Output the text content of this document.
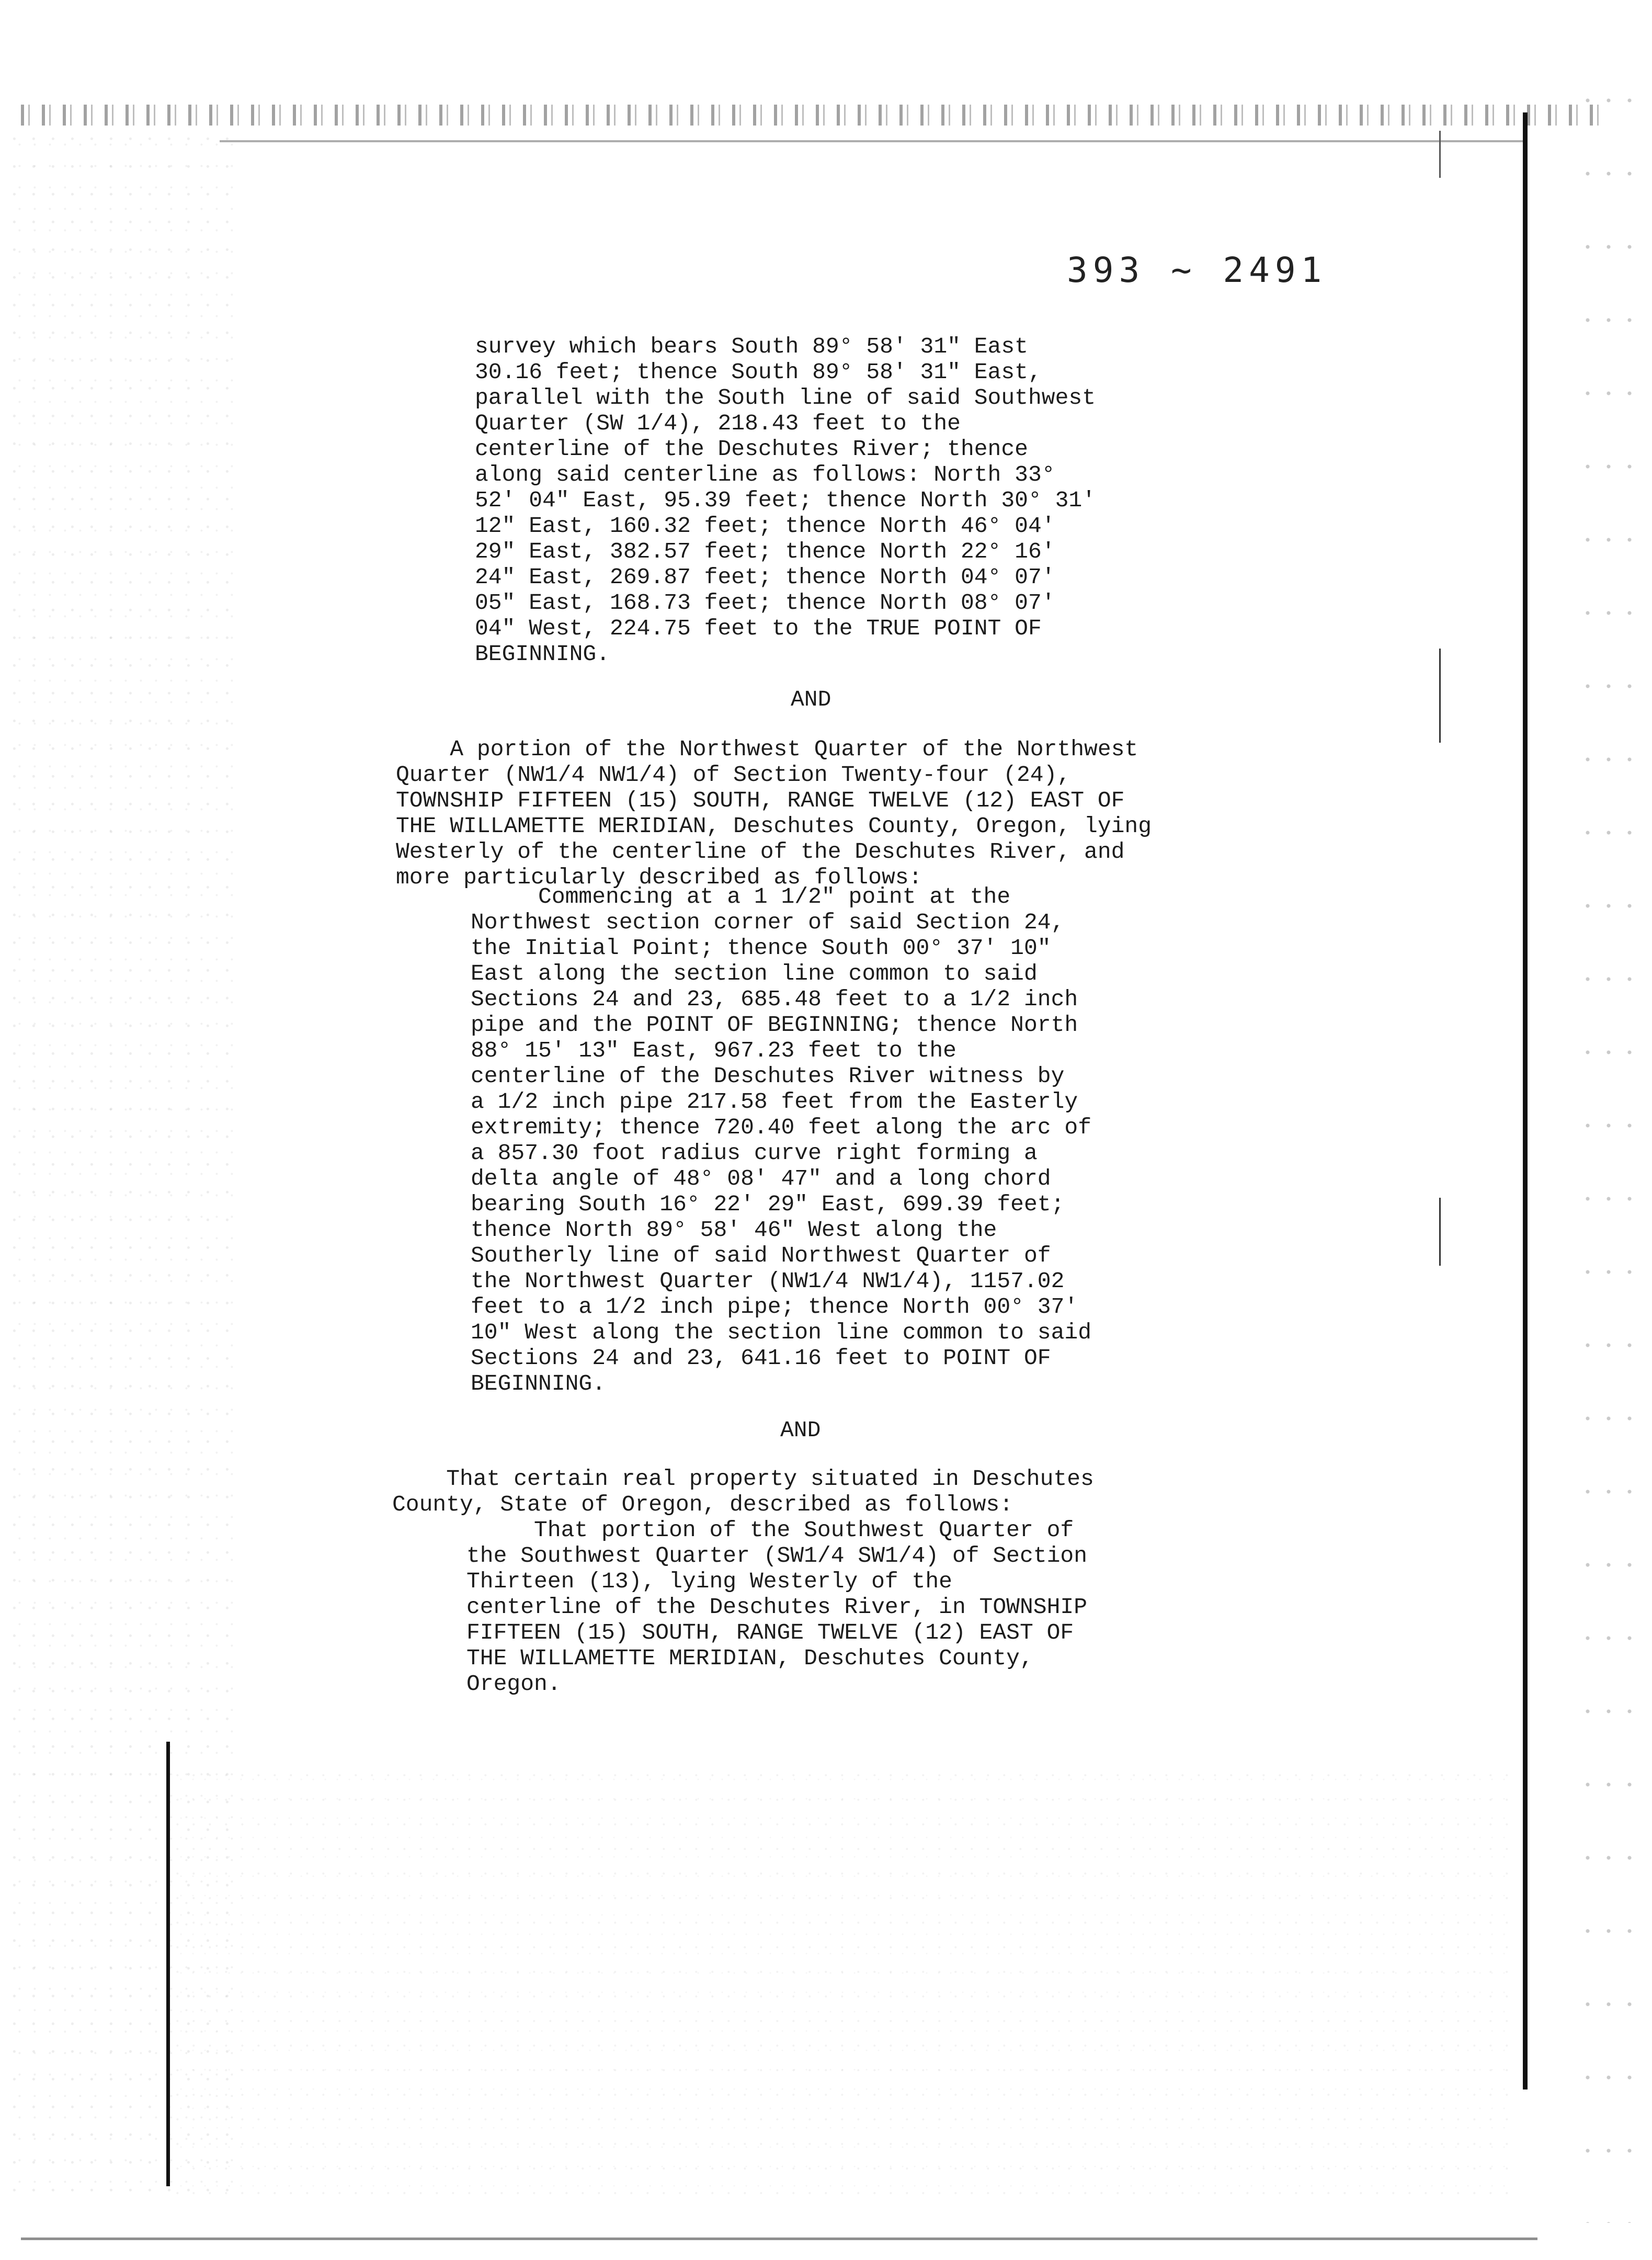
393 ~ 2491
survey which bears South 89° 58' 31" East
30.16 feet; thence South 89° 58' 31" East,
parallel with the South line of said Southwest
Quarter (SW 1/4), 218.43 feet to the
centerline of the Deschutes River; thence
along said centerline as follows: North 33°
52' 04" East, 95.39 feet; thence North 30° 31'
12" East, 160.32 feet; thence North 46° 04'
29" East, 382.57 feet; thence North 22° 16'
24" East, 269.87 feet; thence North 04° 07'
05" East, 168.73 feet; thence North 08° 07'
04" West, 224.75 feet to the TRUE POINT OF
BEGINNING.
AND
A portion of the Northwest Quarter of the Northwest
Quarter (NW1/4 NW1/4) of Section Twenty-four (24),
TOWNSHIP FIFTEEN (15) SOUTH, RANGE TWELVE (12) EAST OF
THE WILLAMETTE MERIDIAN, Deschutes County, Oregon, lying
Westerly of the centerline of the Deschutes River, and
more particularly described as follows:
Commencing at a 1 1/2" point at the
Northwest section corner of said Section 24,
the Initial Point; thence South 00° 37' 10"
East along the section line common to said
Sections 24 and 23, 685.48 feet to a 1/2 inch
pipe and the POINT OF BEGINNING; thence North
88° 15' 13" East, 967.23 feet to the
centerline of the Deschutes River witness by
a 1/2 inch pipe 217.58 feet from the Easterly
extremity; thence 720.40 feet along the arc of
a 857.30 foot radius curve right forming a
delta angle of 48° 08' 47" and a long chord
bearing South 16° 22' 29" East, 699.39 feet;
thence North 89° 58' 46" West along the
Southerly line of said Northwest Quarter of
the Northwest Quarter (NW1/4 NW1/4), 1157.02
feet to a 1/2 inch pipe; thence North 00° 37'
10" West along the section line common to said
Sections 24 and 23, 641.16 feet to POINT OF
BEGINNING.
AND
That certain real property situated in Deschutes
County, State of Oregon, described as follows:
That portion of the Southwest Quarter of
the Southwest Quarter (SW1/4 SW1/4) of Section
Thirteen (13), lying Westerly of the
centerline of the Deschutes River, in TOWNSHIP
FIFTEEN (15) SOUTH, RANGE TWELVE (12) EAST OF
THE WILLAMETTE MERIDIAN, Deschutes County,
Oregon.
